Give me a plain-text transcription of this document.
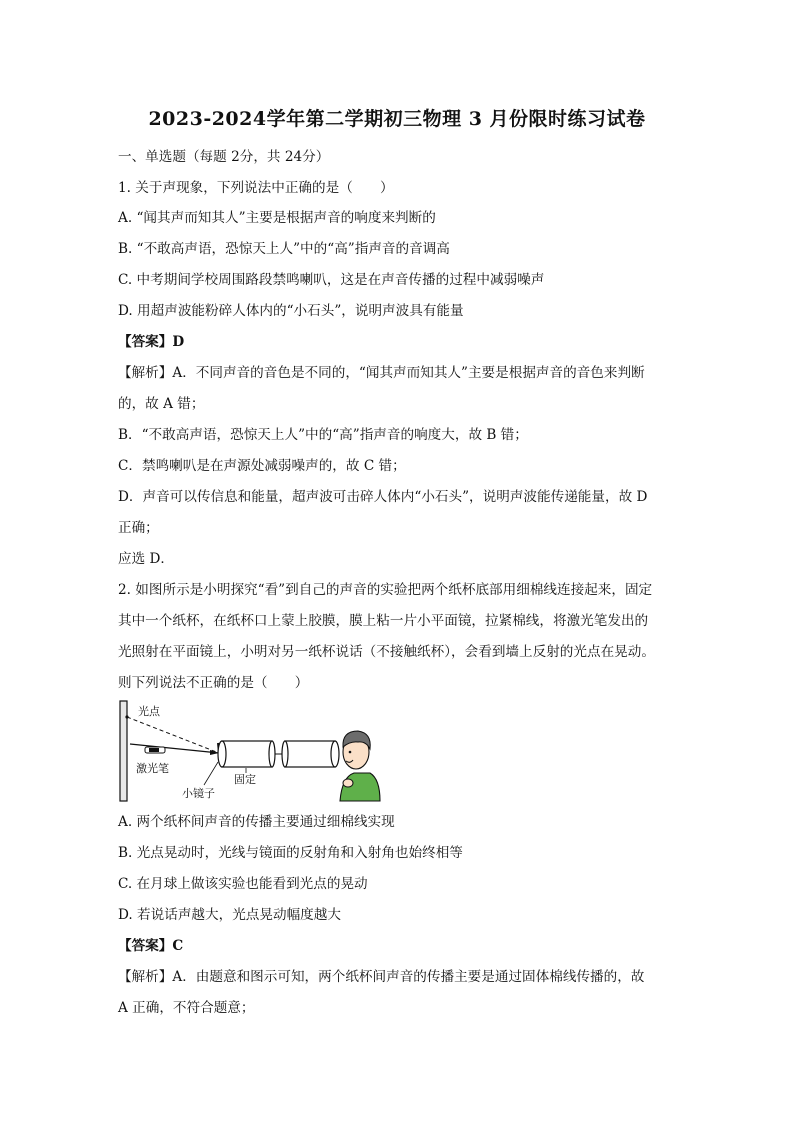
2023-2024学年第二学期初三物理 3 月份限时练习试卷
一、单选题（每题 2分，共 24分）
1. 关于声现象，下列说法中正确的是（　　）
A. “闻其声而知其人”主要是根据声音的响度来判断的
B. “不敢高声语，恐惊天上人”中的“高”指声音的音调高
C. 中考期间学校周围路段禁鸣喇叭，这是在声音传播的过程中减弱噪声
D. 用超声波能粉碎人体内的“小石头”，说明声波具有能量
【答案】D
【解析】A．不同声音的音色是不同的，“闻其声而知其人”主要是根据声音的音色来判断
的，故 A 错；
B．“不敢高声语，恐惊天上人”中的“高”指声音的响度大，故 B 错；
C．禁鸣喇叭是在声源处减弱噪声的，故 C 错；
D．声音可以传信息和能量，超声波可击碎人体内“小石头”，说明声波能传递能量，故 D
正确；
应选 D．
2. 如图所示是小明探究“看”到自己的声音的实验把两个纸杯底部用细棉线连接起来，固定
其中一个纸杯，在纸杯口上蒙上胶膜，膜上粘一片小平面镜，拉紧棉线，将激光笔发出的
光照射在平面镜上，小明对另一纸杯说话（不接触纸杯），会看到墙上反射的光点在晃动。
则下列说法不正确的是（　　）
光点
激光笔
小镜子
固定
A. 两个纸杯间声音的传播主要通过细棉线实现
B. 光点晃动时，光线与镜面的反射角和入射角也始终相等
C. 在月球上做该实验也能看到光点的晃动
D. 若说话声越大，光点晃动幅度越大
【答案】C
【解析】A．由题意和图示可知，两个纸杯间声音的传播主要是通过固体棉线传播的，故
A 正确，不符合题意；
